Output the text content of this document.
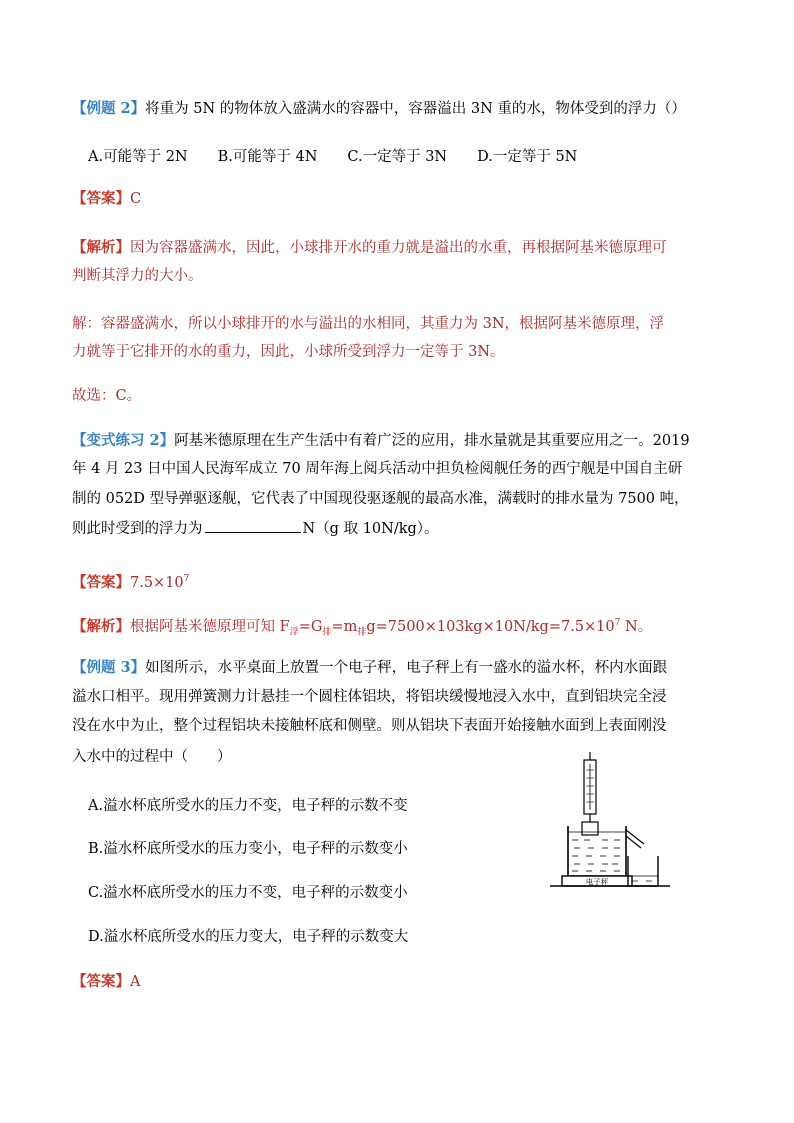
【例题 2】将重为 5N 的物体放入盛满水的容器中，容器溢出 3N 重的水，物体受到的浮力（）
A.可能等于 2N B.可能等于 4N C.一定等于 3N D.一定等于 5N
【答案】C
【解析】因为容器盛满水，因此，小球排开水的重力就是溢出的水重，再根据阿基米德原理可
判断其浮力的大小。
解：容器盛满水，所以小球排开的水与溢出的水相同，其重力为 3N，根据阿基米德原理，浮
力就等于它排开的水的重力，因此，小球所受到浮力一定等于 3N。
故选：C。
【变式练习 2】阿基米德原理在生产生活中有着广泛的应用，排水量就是其重要应用之一。2019
年 4 月 23 日中国人民海军成立 70 周年海上阅兵活动中担负检阅舰任务的西宁舰是中国自主研
制的 052D 型导弹驱逐舰，它代表了中国现役驱逐舰的最高水准，满载时的排水量为 7500 吨，
则此时受到的浮力为	N（g 取 10N/kg）。
【答案】$7.5\times 10^7$
【解析】根据阿基米德原理可知 $F_浮=G_排=m_排g=7500\times 103kg\times 10N/kg=7.5\times 10^7$ N。
【例题 3】如图所示，水平桌面上放置一个电子秤，电子秤上有一盛水的溢水杯，杯内水面跟
溢水口相平。现用弹簧测力计悬挂一个圆柱体铝块，将铝块缓慢地浸入水中，直到铝块完全浸
没在水中为止，整个过程铝块未接触杯底和侧壁。则从铝块下表面开始接触水面到上表面刚没
入水中的过程中（　　）
A.溢水杯底所受水的压力不变，电子秤的示数不变
B.溢水杯底所受水的压力变小，电子秤的示数变小
C.溢水杯底所受水的压力不变，电子秤的示数变小
D.溢水杯底所受水的压力变大，电子秤的示数变大
【答案】A
电子秤
